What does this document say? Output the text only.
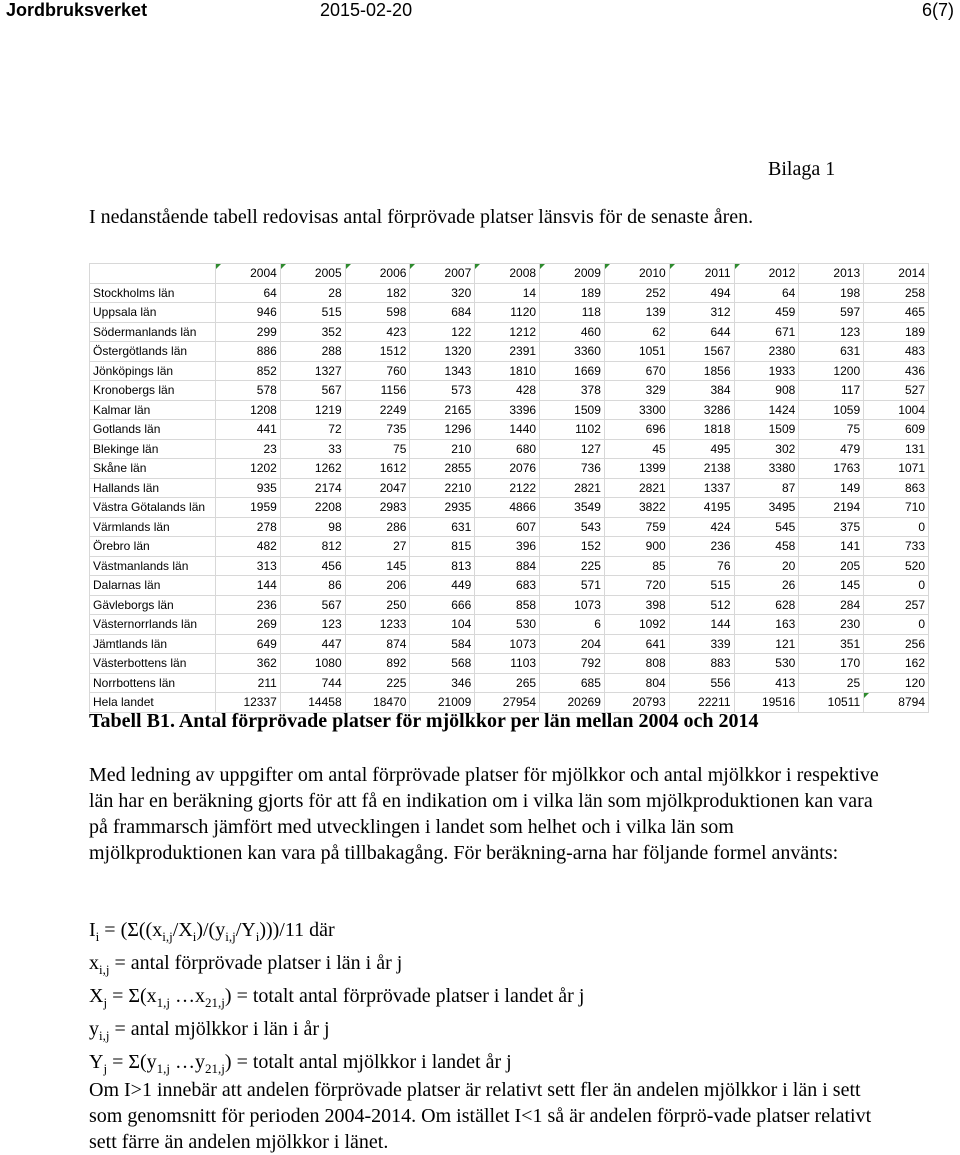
Jordbruksverket	2015-02-20	6(7)
Bilaga 1
I nedanstående tabell redovisas antal förprövade platser länsvis för de senaste åren.
	2004	2005	2006	2007	2008	2009	2010	2011	2012	2013	2014
Stockholms län	64	28	182	320	14	189	252	494	64	198	258
Uppsala län	946	515	598	684	1120	118	139	312	459	597	465
Södermanlands län	299	352	423	122	1212	460	62	644	671	123	189
Östergötlands län	886	288	1512	1320	2391	3360	1051	1567	2380	631	483
Jönköpings län	852	1327	760	1343	1810	1669	670	1856	1933	1200	436
Kronobergs län	578	567	1156	573	428	378	329	384	908	117	527
Kalmar län	1208	1219	2249	2165	3396	1509	3300	3286	1424	1059	1004
Gotlands län	441	72	735	1296	1440	1102	696	1818	1509	75	609
Blekinge län	23	33	75	210	680	127	45	495	302	479	131
Skåne län	1202	1262	1612	2855	2076	736	1399	2138	3380	1763	1071
Hallands län	935	2174	2047	2210	2122	2821	2821	1337	87	149	863
Västra Götalands län	1959	2208	2983	2935	4866	3549	3822	4195	3495	2194	710
Värmlands län	278	98	286	631	607	543	759	424	545	375	0
Örebro län	482	812	27	815	396	152	900	236	458	141	733
Västmanlands län	313	456	145	813	884	225	85	76	20	205	520
Dalarnas län	144	86	206	449	683	571	720	515	26	145	0
Gävleborgs län	236	567	250	666	858	1073	398	512	628	284	257
Västernorrlands län	269	123	1233	104	530	6	1092	144	163	230	0
Jämtlands län	649	447	874	584	1073	204	641	339	121	351	256
Västerbottens län	362	1080	892	568	1103	792	808	883	530	170	162
Norrbottens län	211	744	225	346	265	685	804	556	413	25	120
Hela landet	12337	14458	18470	21009	27954	20269	20793	22211	19516	10511	8794
Tabell B1. Antal förprövade platser för mjölkkor per län mellan 2004 och 2014
Med ledning av uppgifter om antal förprövade platser för mjölkkor och antal mjölkkor i respektive län har en beräkning gjorts för att få en indikation om i vilka län som mjölkproduktionen kan vara på frammarsch jämfört med utvecklingen i landet som helhet och i vilka län som mjölkproduktionen kan vara på tillbakagång. För beräkning-arna har följande formel använts:
$I_i = (\Sigma((x_{i,j}/X_i)/(y_{i,j}/Y_i)))/11$ där
$x_{i,j}$ = antal förprövade platser i län i år j
$X_j = \Sigma(x_{1,j}$ $\dots x_{21,j}$) = totalt antal förprövade platser i landet år j
$y_{i,j}$ = antal mjölkkor i län i år j
$Y_j = \Sigma(y_{1,j}$ $\dots y_{21,j}$) = totalt antal mjölkkor i landet år j
Om I>1 innebär att andelen förprövade platser är relativt sett fler än andelen mjölkkor i län i sett som genomsnitt för perioden 2004-2014. Om istället I<1 så är andelen förprö-vade platser relativt sett färre än andelen mjölkkor i länet.
